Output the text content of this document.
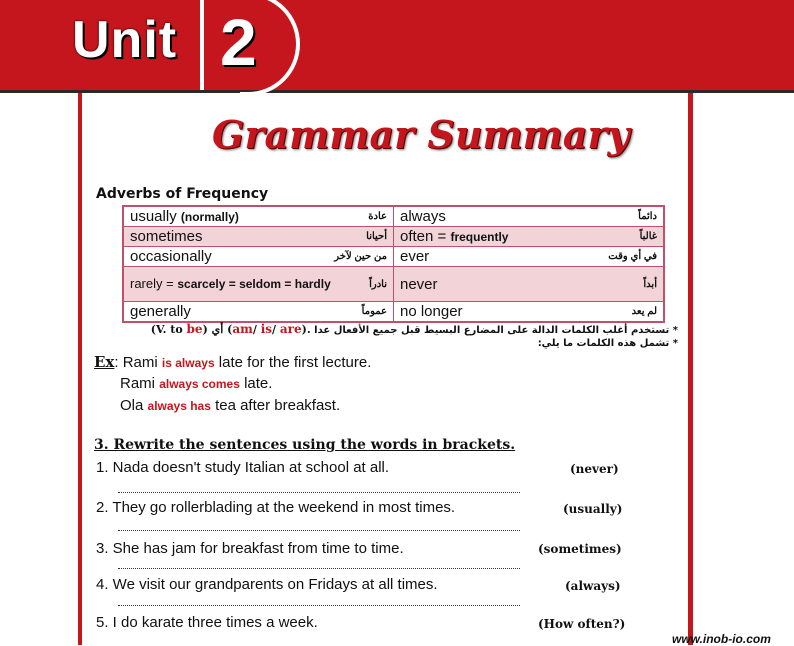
Unit 2
Grammar Summary
Adverbs of Frequency
usually (normally) عادة	always دائماً

sometimes أحيانا	often = frequently غالباً

occasionally من حين لآخر	ever في أي وقت

rarely = scarcely = seldom = hardly نادراً	never أبداً

generally عموماً	no longer لم يعد
* تستخدم أغلب الكلمات الدالة على المضارع البسيط قبل جميع الأفعال عدا (V. to be) أي (am/ is/ are).
* تشمل هذه الكلمات ما يلي:
Ex: Rami is always late for the first lecture.
Rami always comes late.
Ola always has tea after breakfast.
3. Rewrite the sentences using the words in brackets.
1. Nada doesn't study Italian at school at all.	(never)
2. They go rollerblading at the weekend in most times.	(usually)
3. She has jam for breakfast from time to time.	(sometimes)
4. We visit our grandparents on Fridays at all times.	(always)
5. I do karate three times a week.	(How often?)
www.inob-io.com
